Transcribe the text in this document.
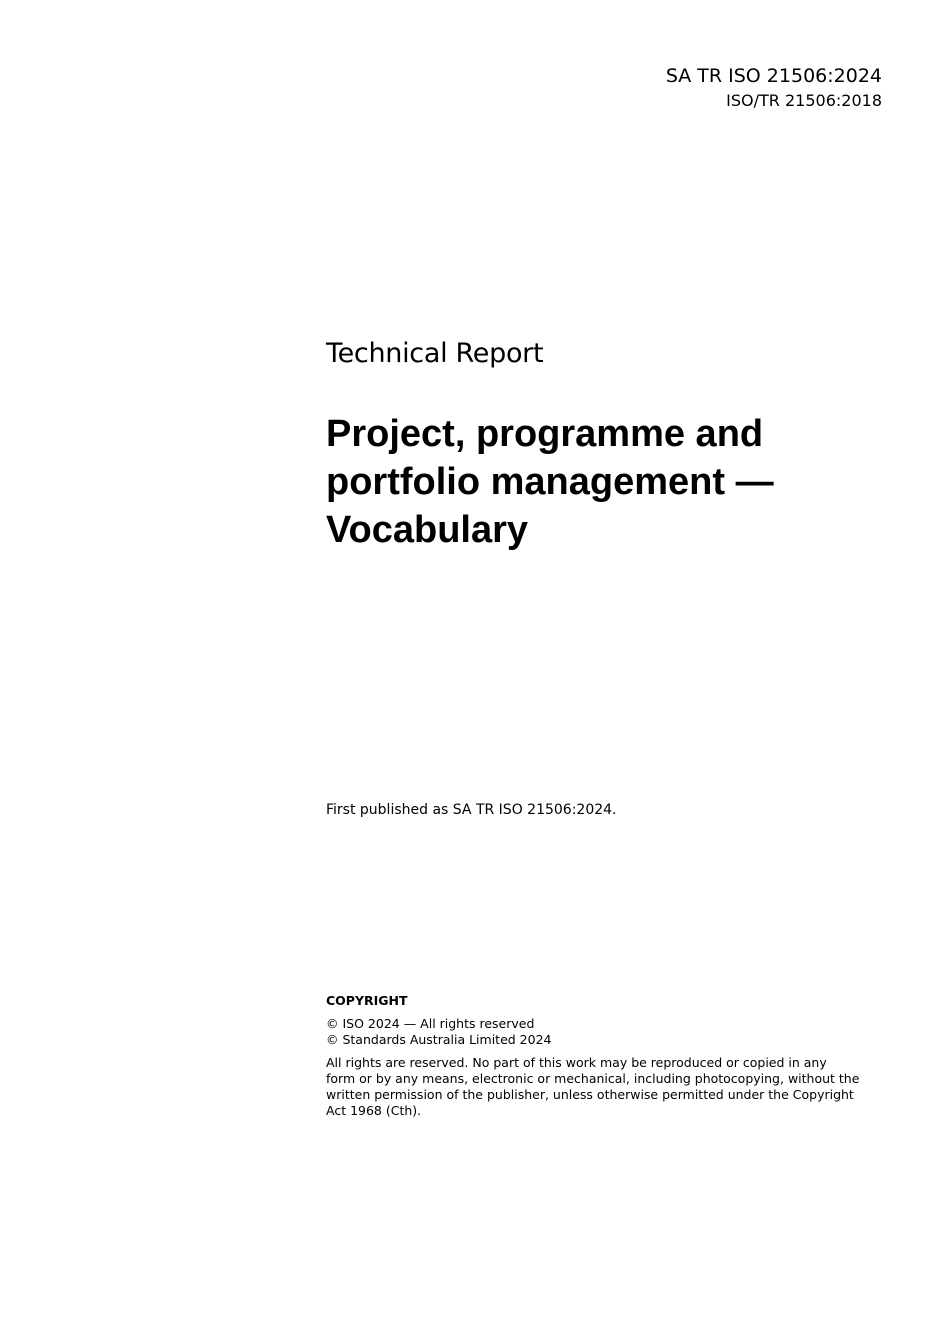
SA TR ISO 21506:2024
ISO/TR 21506:2018
Technical Report
Project, programme and
portfolio management —
Vocabulary
First published as SA TR ISO 21506:2024.
COPYRIGHT
© ISO 2024 — All rights reserved
© Standards Australia Limited 2024
All rights are reserved. No part of this work may be reproduced or copied in any
form or by any means, electronic or mechanical, including photocopying, without the
written permission of the publisher, unless otherwise permitted under the Copyright
Act 1968 (Cth).
